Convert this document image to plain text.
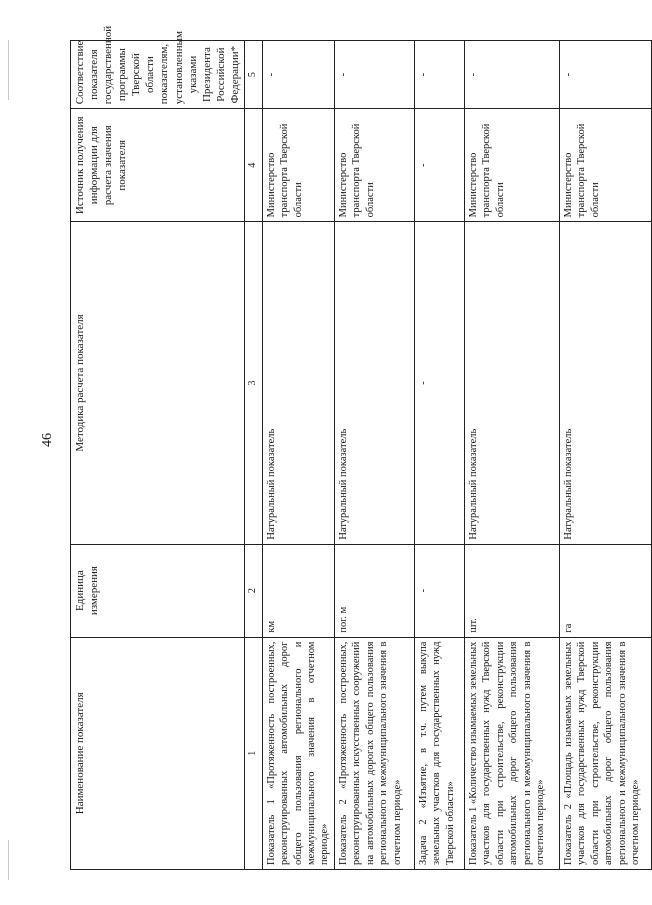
46
Наименование показателя	Единица измерения	Методика расчета показателя	Источник получения информации для расчета значения показателя	Соответствие показателя государственной программы Тверской области показателям, установленным указами Президента Российской Федерации*
1	2	3	4	5
Показатель 1 «Протяженность построенных, реконструированных автомобильных дорог общего пользования регионального и межмуниципального значения в отчетном периоде»	км	Натуральный показатель	Министерство транспорта Тверской области	-
Показатель 2 «Протяженность построенных, реконструированных искусственных сооружений на автомобильных дорогах общего пользования регионального и межмуниципального значения в отчетном периоде»	пог. м	Натуральный показатель	Министерство транспорта Тверской области	-
Задача 2 «Изъятие, в т.ч. путем выкупа земельных участков для государственных нужд Тверской области»	-	-	-	-
Показатель 1 «Количество изымаемых земельных участков для государственных нужд Тверской области при строительстве, реконструкции автомобильных дорог общего пользования регионального и межмуниципального значения в отчетном периоде»	шт.	Натуральный показатель	Министерство транспорта Тверской области	-
Показатель 2 «Площадь изымаемых земельных участков для государственных нужд Тверской области при строительстве, реконструкции автомобильных дорог общего пользования регионального и межмуниципального значения в отчетном периоде»	га	Натуральный показатель	Министерство транспорта Тверской области	-
